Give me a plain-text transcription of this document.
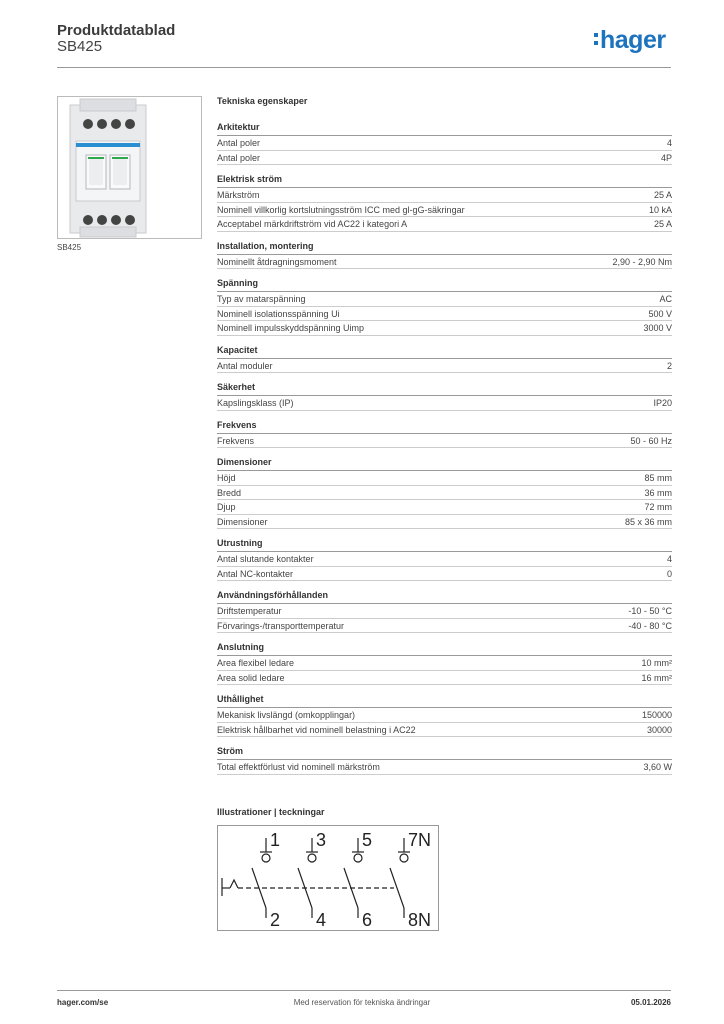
Produktdatablad
SB425	hager
SB425
Tekniska egenskaper
Arkitektur
Antal poler	4
Antal poler	4P
Elektrisk ström
Märkström	25 A
Nominell villkorlig kortslutningsström ICC med gl-gG-säkringar	10 kA
Acceptabel märkdriftström vid AC22 i kategori A	25 A
Installation, montering
Nominellt åtdragningsmoment	2,90 - 2,90 Nm
Spänning
Typ av matarspänning	AC
Nominell isolationsspänning Ui	500 V
Nominell impulsskyddspänning Uimp	3000 V
Kapacitet
Antal moduler	2
Säkerhet
Kapslingsklass (IP)	IP20
Frekvens
Frekvens	50 - 60 Hz
Dimensioner
Höjd	85 mm
Bredd	36 mm
Djup	72 mm
Dimensioner	85 x 36 mm
Utrustning
Antal slutande kontakter	4
Antal NC-kontakter	0
Användningsförhållanden
Driftstemperatur	-10 - 50 °C
Förvarings-/transporttemperatur	-40 - 80 °C
Anslutning
Area flexibel ledare	10 mm²
Area solid ledare	16 mm²
Uthållighet
Mekanisk livslängd (omkopplingar)	150000
Elektrisk hållbarhet vid nominell belastning i AC22	30000
Ström
Total effektförlust vid nominell märkström	3,60 W
Illustrationer | teckningar
1 3 5 7N
2 4 6 8N
hager.com/se	Med reservation för tekniska ändringar	05.01.2026
